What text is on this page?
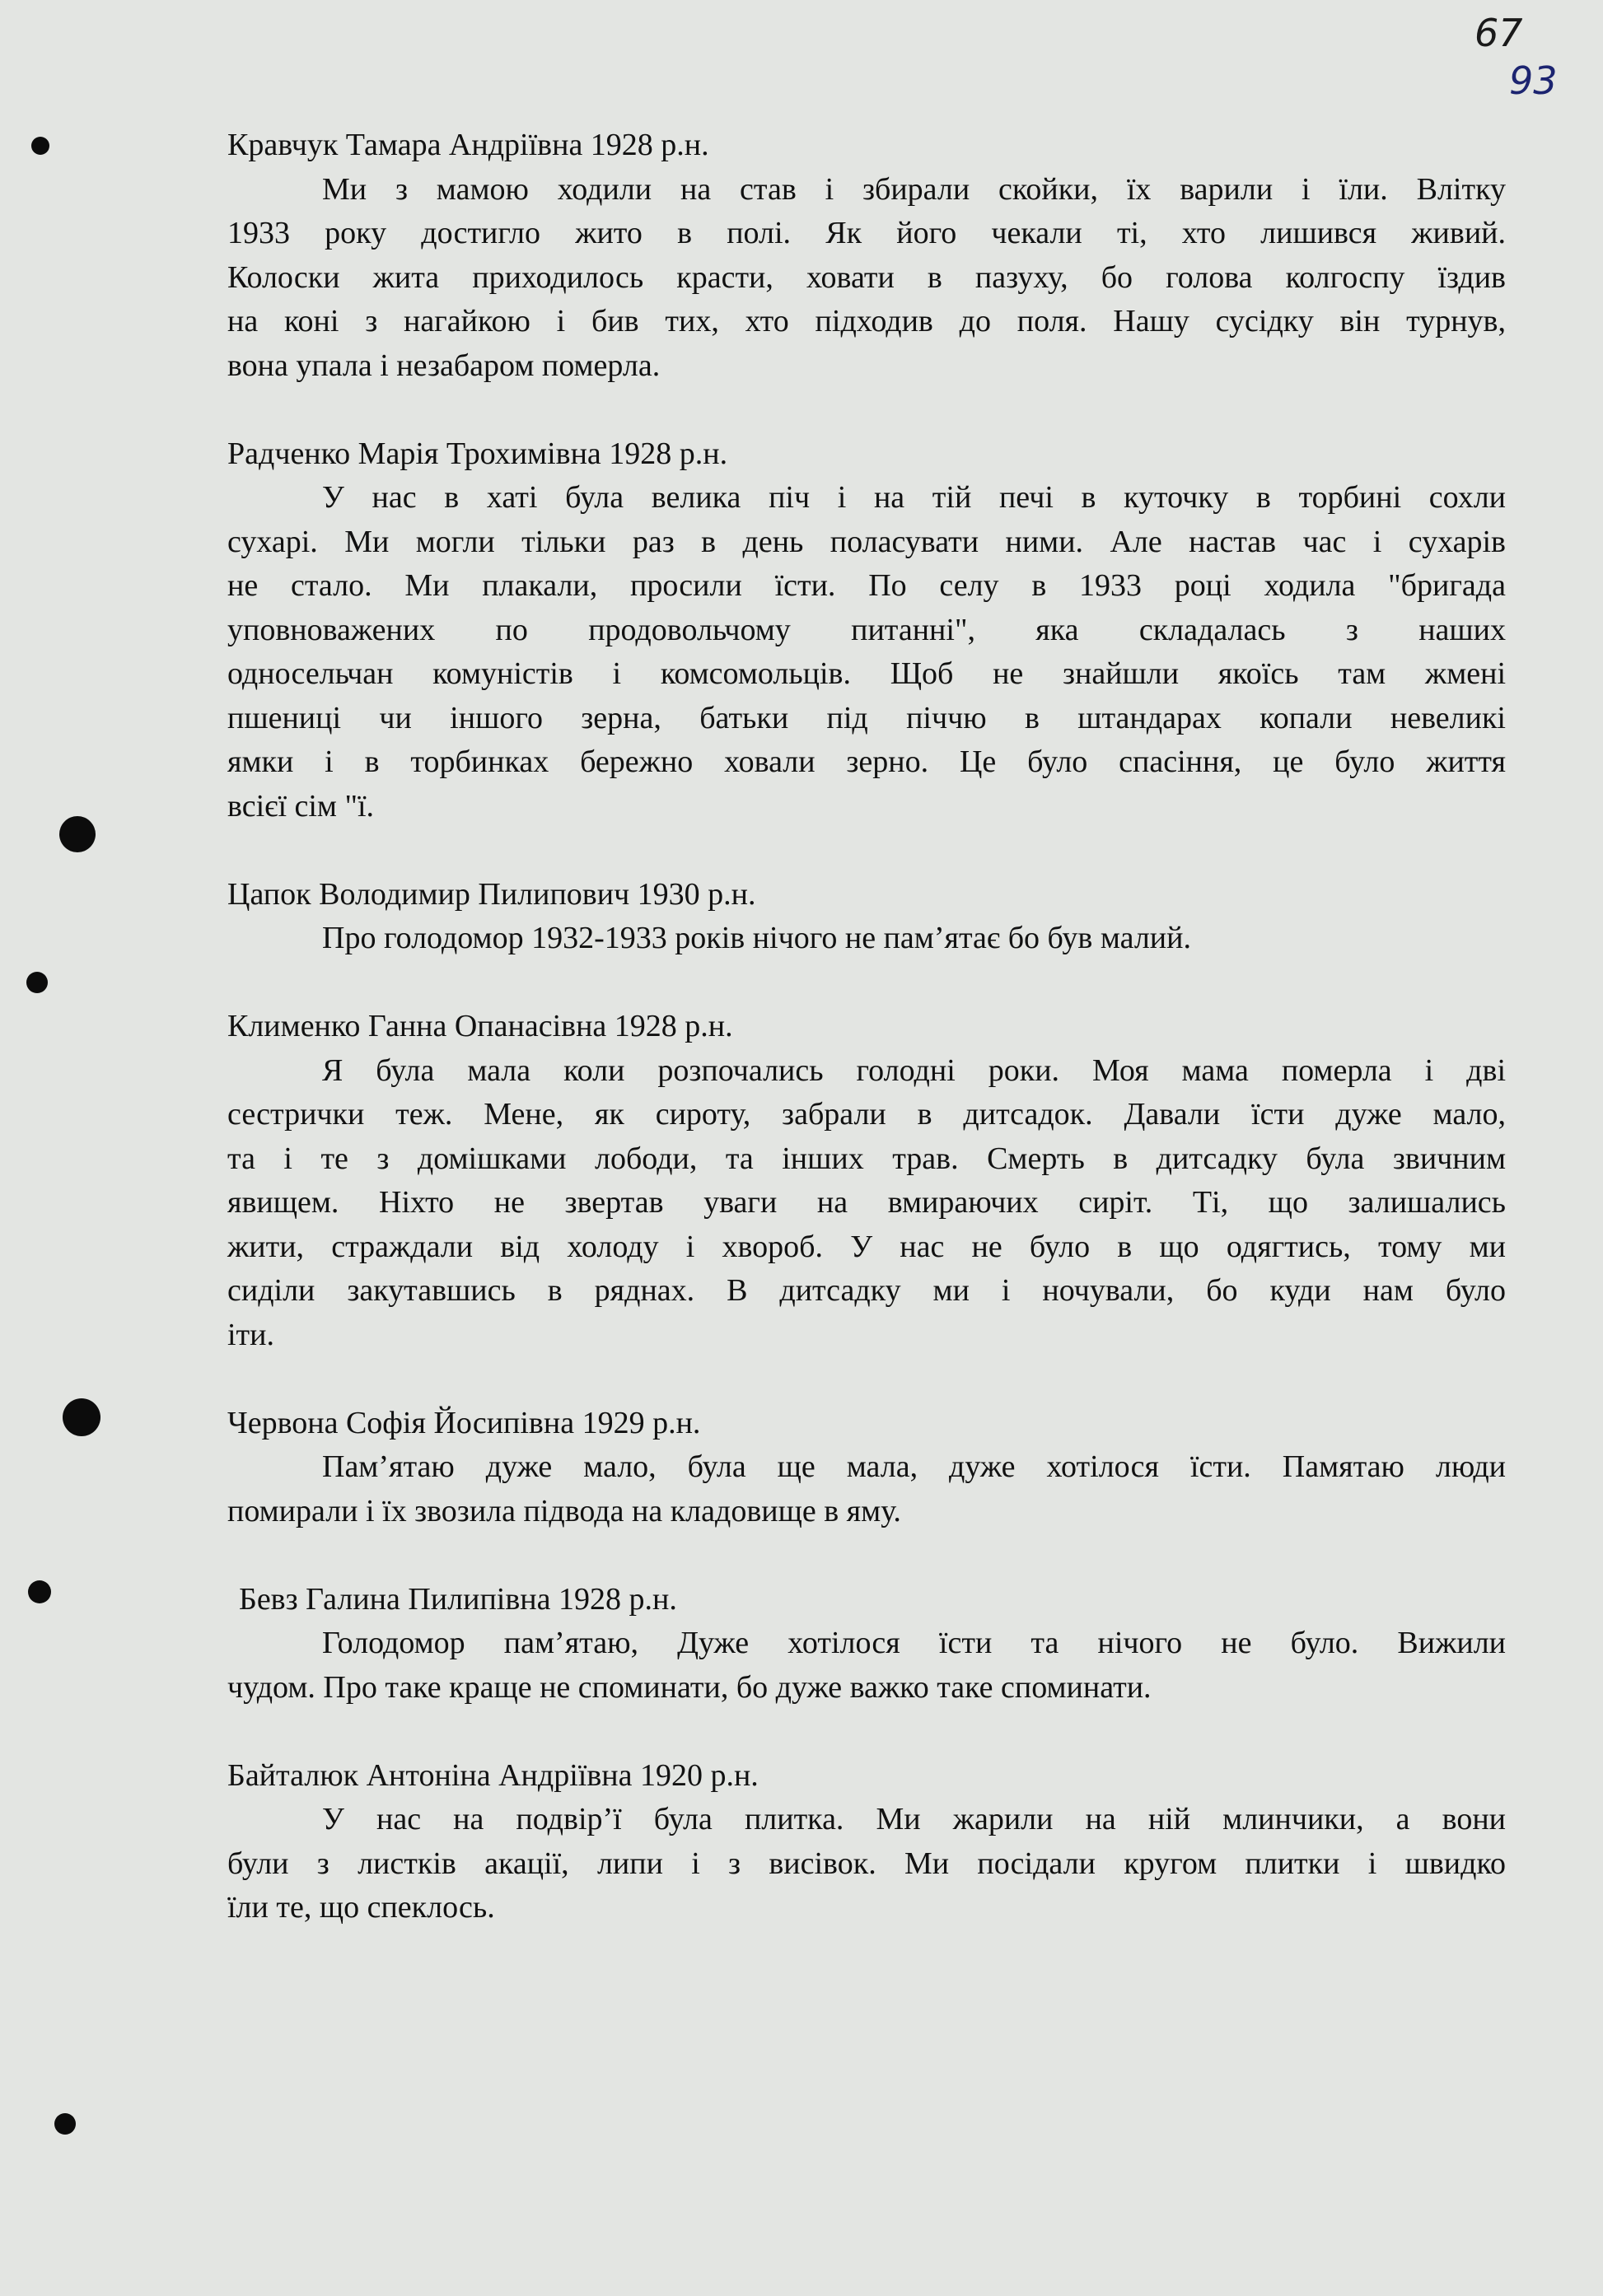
67
93
Кравчук Тамара Андріївна 1928 р.н.
Ми з мамою ходили на став і збирали скойки, їх варили і їли. Влітку
1933 року достигло жито в полі. Як його чекали ті, хто лишився живий.
Колоски жита приходилось красти, ховати в пазуху, бо голова колгоспу їздив
на коні з нагайкою і бив тих, хто підходив до поля. Нашу сусідку він турнув,
вона упала і незабаром померла.
Радченко Марія Трохимівна 1928 р.н.
У нас в хаті була велика піч і на тій печі в куточку в торбині сохли
сухарі. Ми могли тільки раз в день поласувати ними. Але настав час і сухарів
не стало. Ми плакали, просили їсти. По селу в 1933 році ходила "бригада
уповноважених по продовольчому питанні", яка складалась з наших
односельчан комуністів і комсомольців. Щоб не знайшли якоїсь там жмені
пшениці чи іншого зерна, батьки під піччю в штандарах копали невеликі
ямки і в торбинках бережно ховали зерно. Це було спасіння, це було життя
всієї сім "ї.
Цапок Володимир Пилипович 1930 р.н.
Про голодомор 1932-1933 років нічого не пам’ятає бо був малий.
Клименко Ганна Опанасівна 1928 р.н.
Я була мала коли розпочались голодні роки. Моя мама померла і дві
сестрички теж. Мене, як сироту, забрали в дитсадок. Давали їсти дуже мало,
та і те з домішками лободи, та інших трав. Смерть в дитсадку була звичним
явищем. Ніхто не звертав уваги на вмираючих сиріт. Ті, що залишались
жити, страждали від холоду і хвороб. У нас не було в що одягтись, тому ми
сиділи закутавшись в ряднах. В дитсадку ми і ночували, бо куди нам було
іти.
Червона Софія Йосипівна 1929 р.н.
Пам’ятаю дуже мало, була ще мала, дуже хотілося їсти. Памятаю люди
помирали і їх звозила підвода на кладовище в яму.
Бевз Галина Пилипівна 1928 р.н.
Голодомор пам’ятаю, Дуже хотілося їсти та нічого не було. Вижили
чудом. Про таке краще не споминати, бо дуже важко таке споминати.
Байталюк Антоніна Андріївна 1920 р.н.
У нас на подвір’ї була плитка. Ми жарили на ній млинчики, а вони
були з листків акації, липи і з висівок. Ми посідали кругом плитки і швидко
їли те, що спеклось.
